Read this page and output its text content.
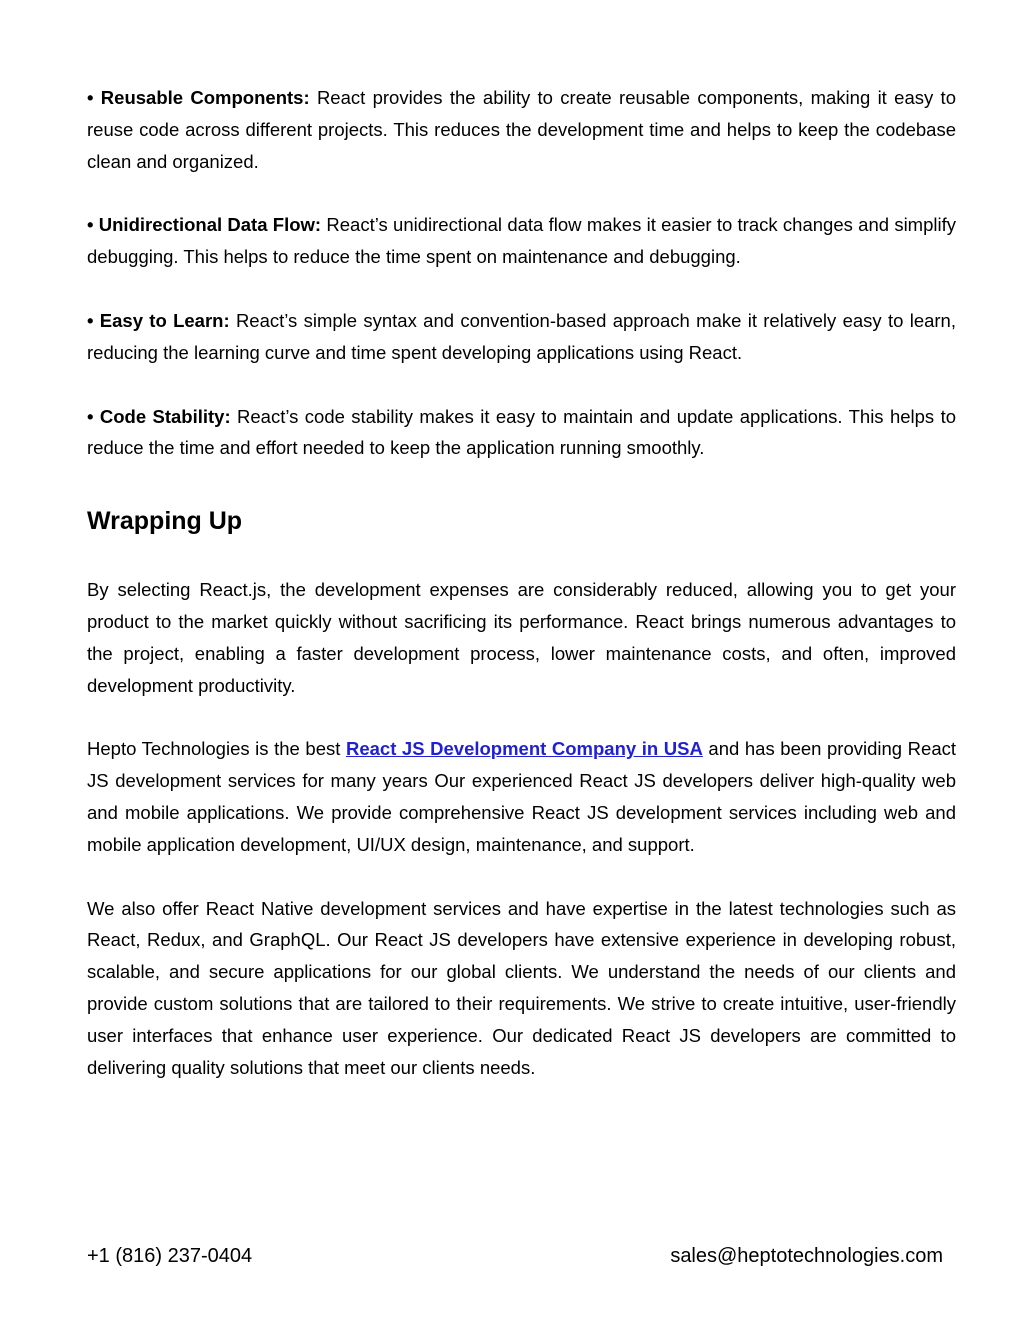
• Reusable Components: React provides the ability to create reusable components, making it easy to reuse code across different projects. This reduces the development time and helps to keep the codebase clean and organized.

• Unidirectional Data Flow: React’s unidirectional data flow makes it easier to track changes and simplify debugging. This helps to reduce the time spent on maintenance and debugging.

• Easy to Learn: React’s simple syntax and convention-based approach make it relatively easy to learn, reducing the learning curve and time spent developing applications using React.

• Code Stability: React’s code stability makes it easy to maintain and update applications. This helps to reduce the time and effort needed to keep the application running smoothly.

Wrapping Up

By selecting React.js, the development expenses are considerably reduced, allowing you to get your product to the market quickly without sacrificing its performance. React brings numerous advantages to the project, enabling a faster development process, lower maintenance costs, and often, improved development productivity.

Hepto Technologies is the best React JS Development Company in USA and has been providing React JS development services for many years Our experienced React JS developers deliver high-quality web and mobile applications. We provide comprehensive React JS development services including web and mobile application development, UI/UX design, maintenance, and support.

We also offer React Native development services and have expertise in the latest technologies such as React, Redux, and GraphQL. Our React JS developers have extensive experience in developing robust, scalable, and secure applications for our global clients. We understand the needs of our clients and provide custom solutions that are tailored to their requirements. We strive to create intuitive, user-friendly user interfaces that enhance user experience. Our dedicated React JS developers are committed to delivering quality solutions that meet our clients needs.

+1 (816) 237-0404	sales@heptotechnologies.com
